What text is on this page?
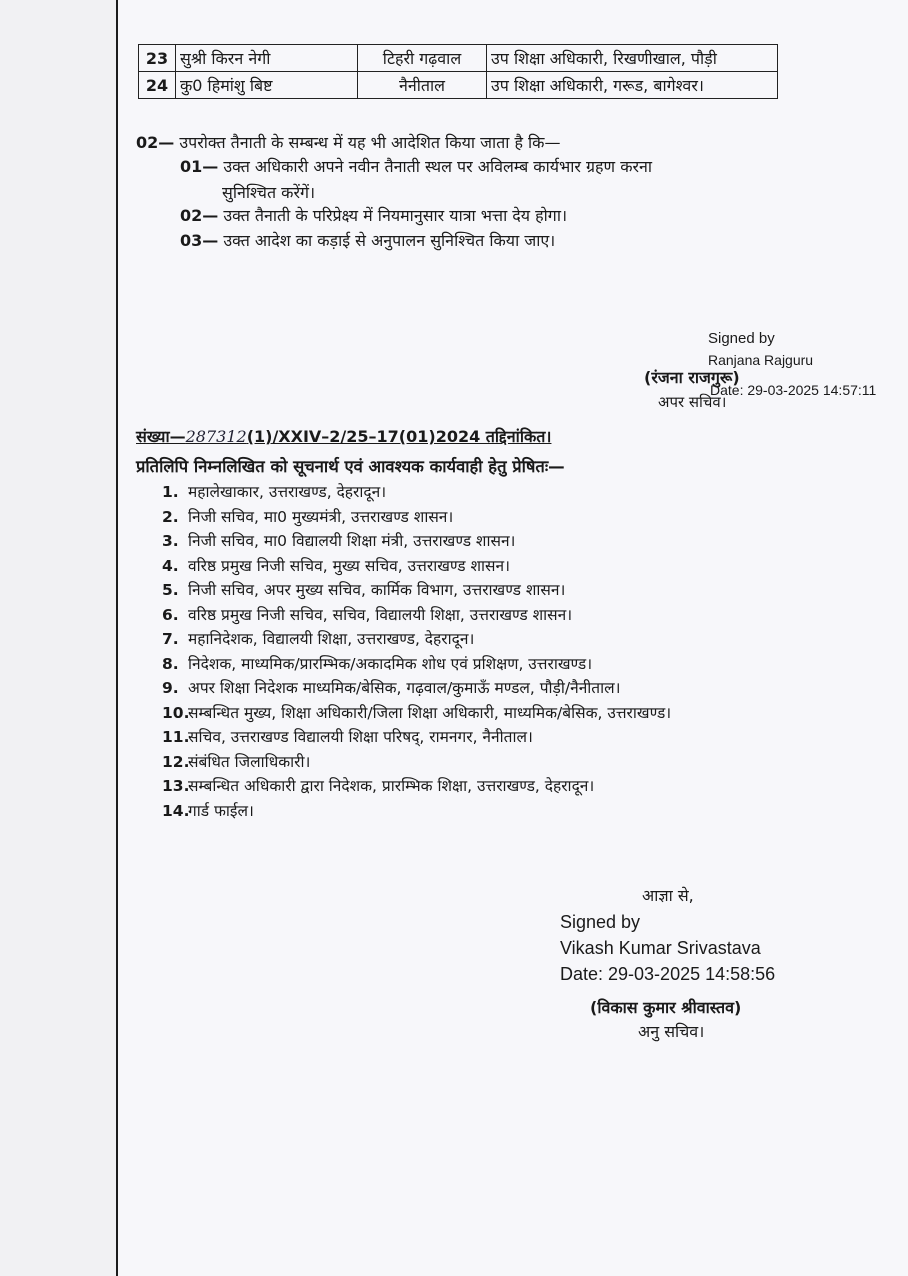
23	सुश्री किरन नेगी	टिहरी गढ़वाल	उप शिक्षा अधिकारी, रिखणीखाल, पौड़ी
24	कु0 हिमांशु बिष्ट	नैनीताल	उप शिक्षा अधिकारी, गरूड, बागेश्वर।
02— उपरोक्त तैनाती के सम्बन्ध में यह भी आदेशित किया जाता है कि—
01— उक्त अधिकारी अपने नवीन तैनाती स्थल पर अविलम्ब कार्यभार ग्रहण करना
सुनिश्चित करेंगें।
02— उक्त तैनाती के परिप्रेक्ष्य में नियमानुसार यात्रा भत्ता देय होगा।
03— उक्त आदेश का कड़ाई से अनुपालन सुनिश्चित किया जाए।
Signed by
Ranjana Rajguru
(रंजना राजगुरू)
Date: 29-03-2025 14:57:11
अपर सचिव।
संख्या—287312(1)/XXIV–2/25–17(01)2024 तद्दिनांकित।
प्रतिलिपि निम्नलिखित को सूचनार्थ एवं आवश्यक कार्यवाही हेतु प्रेषितः—
1. महालेखाकार, उत्तराखण्ड, देहरादून।
2. निजी सचिव, मा0 मुख्यमंत्री, उत्तराखण्ड शासन।
3. निजी सचिव, मा0 विद्यालयी शिक्षा मंत्री, उत्तराखण्ड शासन।
4. वरिष्ठ प्रमुख निजी सचिव, मुख्य सचिव, उत्तराखण्ड शासन।
5. निजी सचिव, अपर मुख्य सचिव, कार्मिक विभाग, उत्तराखण्ड शासन।
6. वरिष्ठ प्रमुख निजी सचिव, सचिव, विद्यालयी शिक्षा, उत्तराखण्ड शासन।
7. महानिदेशक, विद्यालयी शिक्षा, उत्तराखण्ड, देहरादून।
8. निदेशक, माध्यमिक/प्रारम्भिक/अकादमिक शोध एवं प्रशिक्षण, उत्तराखण्ड।
9. अपर शिक्षा निदेशक माध्यमिक/बेसिक, गढ़वाल/कुमाऊँ मण्डल, पौड़ी/नैनीताल।
10.
सम्बन्धित मुख्य, शिक्षा अधिकारी/जिला शिक्षा अधिकारी, माध्यमिक/बेसिक, उत्तराखण्ड।
11.
सचिव, उत्तराखण्ड विद्यालयी शिक्षा परिषद्, रामनगर, नैनीताल।
12.
संबंधित जिलाधिकारी।
13.
सम्बन्धित अधिकारी द्वारा निदेशक, प्रारम्भिक शिक्षा, उत्तराखण्ड, देहरादून।
14.
गार्ड फाईल।
आज्ञा से,
Signed by
Vikash Kumar Srivastava
Date: 29-03-2025 14:58:56
(विकास कुमार श्रीवास्तव)
अनु सचिव।
